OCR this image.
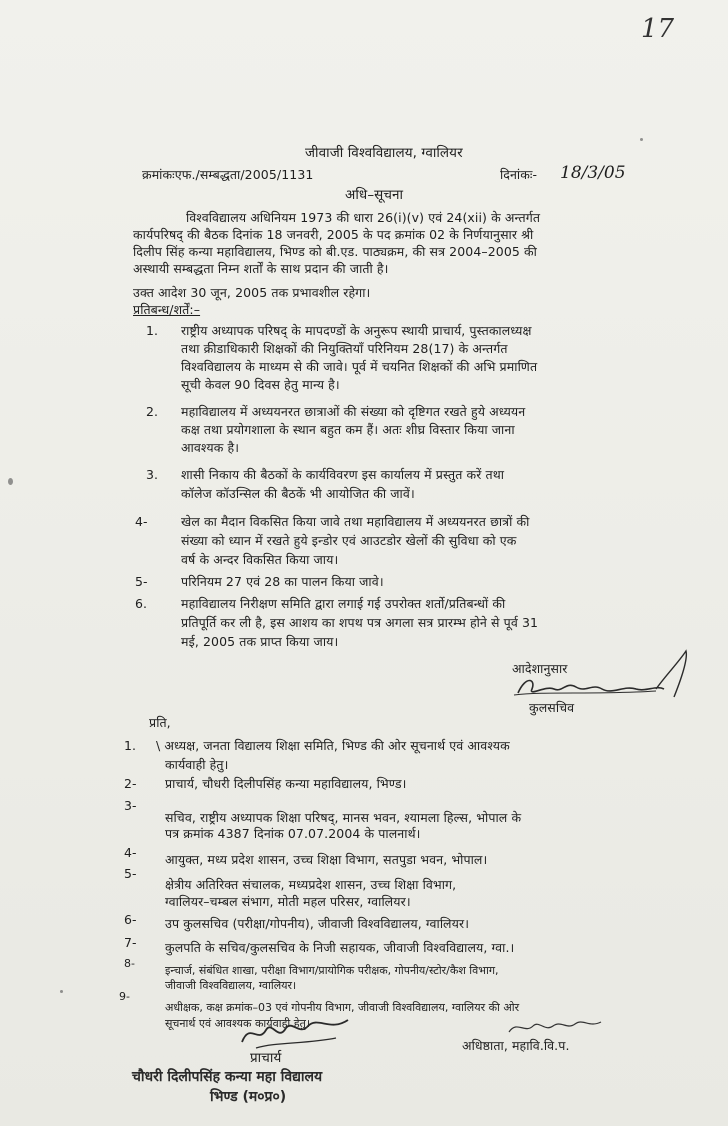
17
जीवाजी विश्वविद्यालय, ग्वालियर
क्रमांकःएफ./सम्बद्धता/2005/1131	दिनांकः- 18/3/05
अधि–सूचना
विश्वविद्यालय अधिनियम 1973 की धारा 26(i)(v) एवं 24(xii) के अन्तर्गत
कार्यपरिषद् की बैठक दिनांक 18 जनवरी, 2005 के पद क्रमांक 02 के निर्णयानुसार श्री
दिलीप सिंह कन्या महाविद्यालय, भिण्ड को बी.एड. पाठ्यक्रम, की सत्र 2004–2005 की
अस्थायी सम्बद्धता निम्न शर्तों के साथ प्रदान की जाती है।
उक्त आदेश 30 जून, 2005 तक प्रभावशील रहेगा।
प्रतिबन्ध/शर्तें:–
1. राष्ट्रीय अध्यापक परिषद् के मापदण्डों के अनुरूप स्थायी प्राचार्य, पुस्तकालध्यक्ष
तथा क्रीडाधिकारी शिक्षकों की नियुक्तियाँ परिनियम 28(17) के अन्तर्गत
विश्वविद्यालय के माध्यम से की जावे। पूर्व में चयनित शिक्षकों की अभि प्रमाणित
सूची केवल 90 दिवस हेतु मान्य है।
2. महाविद्यालय में अध्ययनरत छात्राओं की संख्या को दृष्टिगत रखते हुये अध्ययन
कक्ष तथा प्रयोगशाला के स्थान बहुत कम हैं। अतः शीघ्र विस्तार किया जाना
आवश्यक है।
3. शासी निकाय की बैठकों के कार्यविवरण इस कार्यालय में प्रस्तुत करें तथा
कॉलेज कॉउन्सिल की बैठकें भी आयोजित की जावें।
4-	खेल का मैदान विकसित किया जावे तथा महाविद्यालय में अध्ययनरत छात्रों की
संख्या को ध्यान में रखते हुये इन्डोर एवं आउटडोर खेलों की सुविधा को एक
वर्ष के अन्दर विकसित किया जाय।
5-	परिनियम 27 एवं 28 का पालन किया जावे।
6.	महाविद्यालय निरीक्षण समिति द्वारा लगाई गई उपरोक्त शर्तो/प्रतिबन्धों की
प्रतिपूर्ति कर ली है, इस आशय का शपथ पत्र अगला सत्र प्रारम्भ होने से पूर्व 31
मई, 2005 तक प्राप्त किया जाय।
आदेशानुसार
कुलसचिव
प्रति,
1. \ अध्यक्ष, जनता विद्यालय शिक्षा समिति, भिण्ड की ओर सूचनार्थ एवं आवश्यक
कार्यवाही हेतु।
2- प्राचार्य, चौधरी दिलीपसिंह कन्या महाविद्यालय, भिण्ड।
3-
सचिव, राष्ट्रीय अध्यापक शिक्षा परिषद्, मानस भवन, श्यामला हिल्स, भोपाल के
पत्र क्रमांक 4387 दिनांक 07.07.2004 के पालनार्थ।
4- आयुक्त, मध्य प्रदेश शासन, उच्च शिक्षा विभाग, सतपुडा भवन, भोपाल।
5-
क्षेत्रीय अतिरिक्त संचालक, मध्यप्रदेश शासन, उच्च शिक्षा विभाग,
ग्वालियर–चम्बल संभाग, मोती महल परिसर, ग्वालियर।
6- उप कुलसचिव (परीक्षा/गोपनीय), जीवाजी विश्वविद्यालय, ग्वालियर।
7- कुलपति के सचिव/कुलसचिव के निजी सहायक, जीवाजी विश्वविद्यालय, ग्वा.।
8-
इन्चार्ज, संबंधित शाखा, परीक्षा विभाग/प्रायोगिक परीक्षक, गोपनीय/स्टोर/कैश विभाग,
जीवाजी विश्वविद्यालय, ग्वालियर।
9-
अधीक्षक, कक्ष क्रमांक–03 एवं गोपनीय विभाग, जीवाजी विश्वविद्यालय, ग्वालियर की ओर
सूचनार्थ एवं आवश्यक कार्यवाही हेतु।
अधिष्ठाता, महावि.वि.प.
प्राचार्य
चौधरी दिलीपसिंह कन्या महा विद्यालय
भिण्ड (म०प्र०)
